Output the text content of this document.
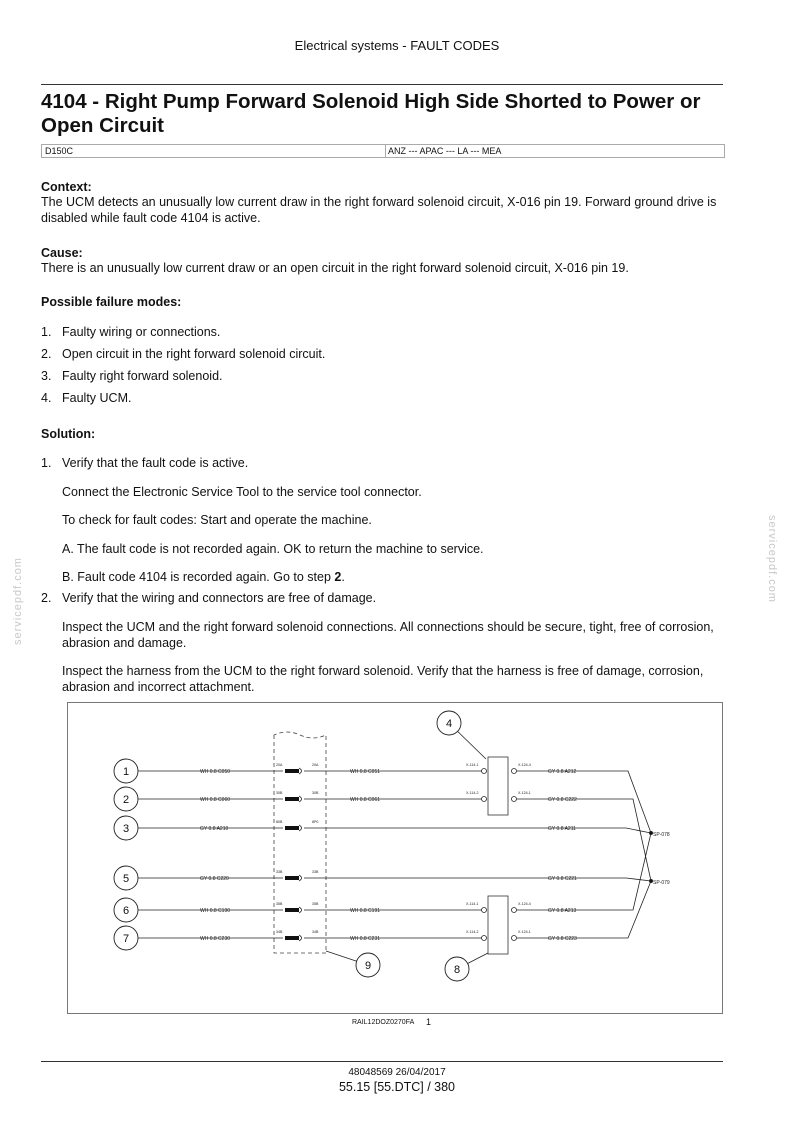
Electrical systems - FAULT CODES
4104 - Right Pump Forward Solenoid High Side Shorted to Power or Open Circuit
D150C	ANZ --- APAC --- LA --- MEA
Context:
The UCM detects an unusually low current draw in the right forward solenoid circuit, X-016 pin 19. Forward ground drive is disabled while fault code 4104 is active.
Cause:
There is an unusually low current draw or an open circuit in the right forward solenoid circuit, X-016 pin 19.
Possible failure modes:
1. Faulty wiring or connections.
2. Open circuit in the right forward solenoid circuit.
3. Faulty right forward solenoid.
4. Faulty UCM.
Solution:
1. Verify that the fault code is active.
Connect the Electronic Service Tool to the service tool connector.
To check for fault codes: Start and operate the machine.
A. The fault code is not recorded again. OK to return the machine to service.
B. Fault code 4104 is recorded again. Go to step 2.
2. Verify that the wiring and connectors are free of damage.
Inspect the UCM and the right forward solenoid connections. All connections should be secure, tight, free of corrosion, abrasion and damage.
Inspect the harness from the UCM to the right forward solenoid. Verify that the harness is free of damage, corrosion, abrasion and incorrect attachment.
servicepdf.com	servicepdf.com
WH 0.8 C050
20A	20A
WH 0.8 C051
X-114-1	X-124-4
GY 0.8 A212
WH 0.8 C060
30B	30B
WH 0.8 C061
X-114-2	X-124-1
GY 0.8 C222
GY 0.8 A210
80B	8P0
GY 0.8 A211
GY 0.8 C220
33B	33B
GY 0.8 C221
WH 0.8 C190
35B	35B
WH 0.8 C191
X-114-1	X-124-4
GY 0.8 A213
WH 0.8 C230
34B	34B
WH 0.8 C231
X-114-2	X-124-1
GY 0.8 C223
SP-078
SP-079
1
2
3
5
6
7
4
9	8
RAIL12DOZ0270FA 1
48048569 26/04/2017
55.15 [55.DTC] / 380
